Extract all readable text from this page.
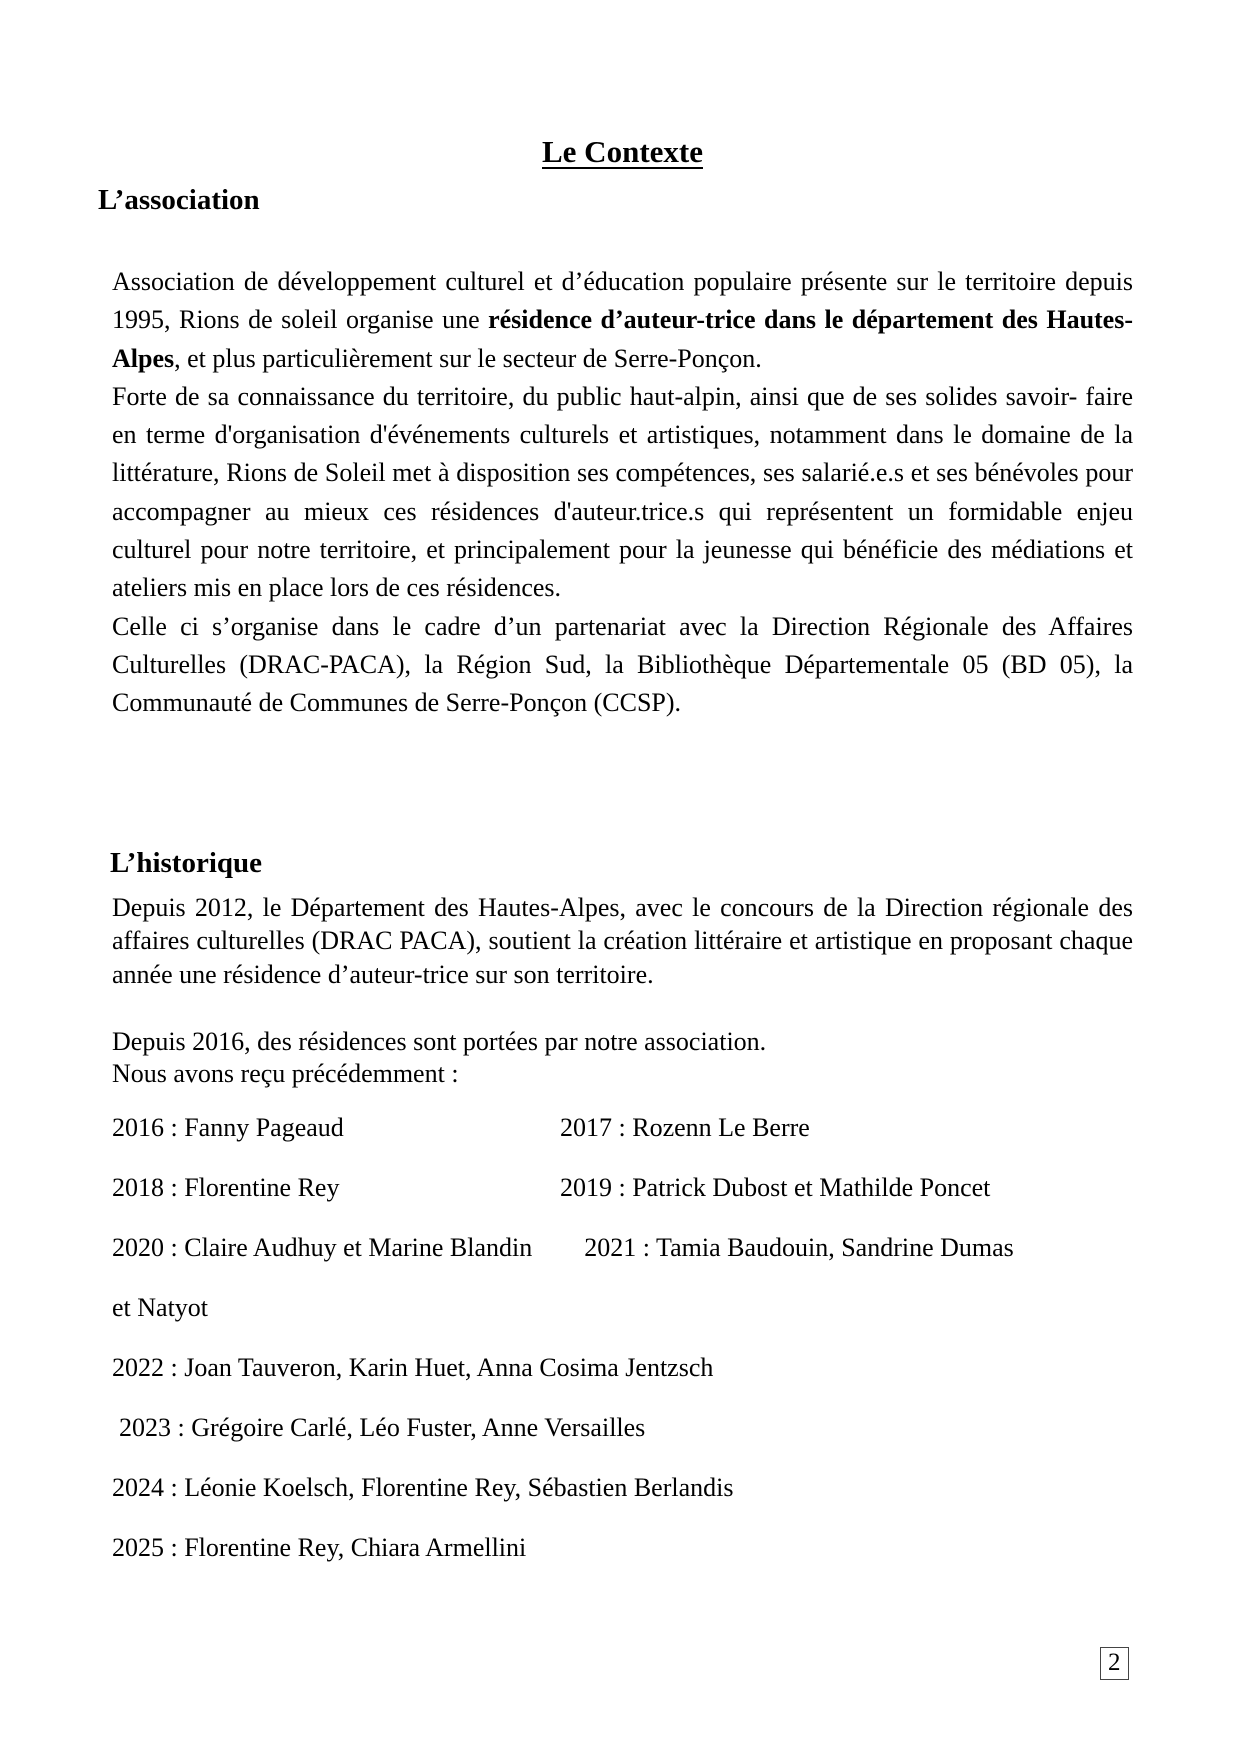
Le Contexte
L’association

Association de développement culturel et d’éducation populaire présente sur le territoire depuis 1995, Rions de soleil organise une résidence d’auteur-trice dans le département des Hautes-Alpes, et plus particulièrement sur le secteur de Serre-Ponçon.

Forte de sa connaissance du territoire, du public haut-alpin, ainsi que de ses solides savoir- faire en terme d'organisation d'événements culturels et artistiques, notamment dans le domaine de la littérature, Rions de Soleil met à disposition ses compétences, ses salarié.e.s et ses bénévoles pour accompagner au mieux ces résidences d'auteur.trice.s qui représentent un formidable enjeu culturel pour notre territoire, et principalement pour la jeunesse qui bénéficie des médiations et ateliers mis en place lors de ces résidences.

Celle ci s’organise dans le cadre d’un partenariat avec la Direction Régionale des Affaires Culturelles (DRAC-PACA), la Région Sud, la Bibliothèque Départementale 05 (BD 05), la Communauté de Communes de Serre-Ponçon (CCSP).

L’historique
Depuis 2012, le Département des Hautes-Alpes, avec le concours de la Direction régionale des affaires culturelles (DRAC PACA), soutient la création littéraire et artistique en proposant chaque année une résidence d’auteur-trice sur son territoire.
Depuis 2016, des résidences sont portées par notre association.
Nous avons reçu précédemment :
2016 : Fanny Pageaud	2017 : Rozenn Le Berre
2018 : Florentine Rey	2019 : Patrick Dubost et Mathilde Poncet
2020 : Claire Audhuy et Marine Blandin 2021 : Tamia Baudouin, Sandrine Dumas
et Natyot
2022 : Joan Tauveron, Karin Huet, Anna Cosima Jentzsch
2023 : Grégoire Carlé, Léo Fuster, Anne Versailles
2024 : Léonie Koelsch, Florentine Rey, Sébastien Berlandis
2025 : Florentine Rey, Chiara Armellini
2
